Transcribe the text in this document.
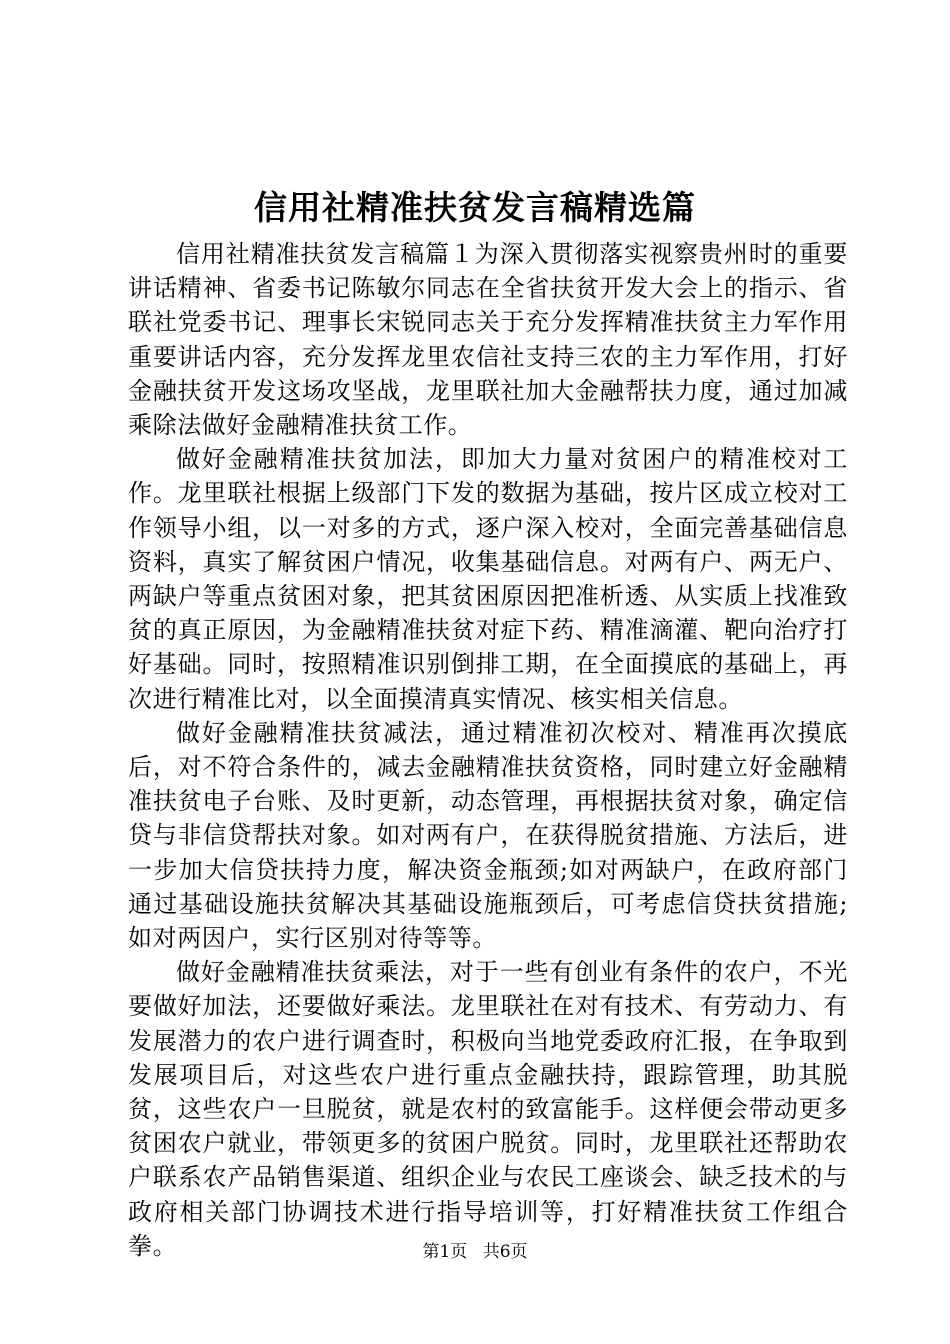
信用社精准扶贫发言稿精选篇

信用社精准扶贫发言稿篇１为深入贯彻落实视察贵州时的重要讲话精神、省委书记陈敏尔同志在全省扶贫开发大会上的指示、省联社党委书记、理事长宋锐同志关于充分发挥精准扶贫主力军作用重要讲话内容，充分发挥龙里农信社支持三农的主力军作用，打好金融扶贫开发这场攻坚战，龙里联社加大金融帮扶力度，通过加减乘除法做好金融精准扶贫工作。

做好金融精准扶贫加法，即加大力量对贫困户的精准校对工作。龙里联社根据上级部门下发的数据为基础，按片区成立校对工作领导小组，以一对多的方式，逐户深入校对，全面完善基础信息资料，真实了解贫困户情况，收集基础信息。对两有户、两无户、两缺户等重点贫困对象，把其贫困原因把准析透、从实质上找准致贫的真正原因，为金融精准扶贫对症下药、精准滴灌、靶向治疗打好基础。同时，按照精准识别倒排工期，在全面摸底的基础上，再次进行精准比对，以全面摸清真实情况、核实相关信息。

做好金融精准扶贫减法，通过精准初次校对、精准再次摸底后，对不符合条件的，减去金融精准扶贫资格，同时建立好金融精准扶贫电子台账、及时更新，动态管理，再根据扶贫对象，确定信贷与非信贷帮扶对象。如对两有户，在获得脱贫措施、方法后，进一步加大信贷扶持力度，解决资金瓶颈;如对两缺户，在政府部门通过基础设施扶贫解决其基础设施瓶颈后，可考虑信贷扶贫措施;如对两因户，实行区别对待等等。

做好金融精准扶贫乘法，对于一些有创业有条件的农户，不光要做好加法，还要做好乘法。龙里联社在对有技术、有劳动力、有发展潜力的农户进行调查时，积极向当地党委政府汇报，在争取到发展项目后，对这些农户进行重点金融扶持，跟踪管理，助其脱贫，这些农户一旦脱贫，就是农村的致富能手。这样便会带动更多贫困农户就业，带领更多的贫困户脱贫。同时，龙里联社还帮助农户联系农产品销售渠道、组织企业与农民工座谈会、缺乏技术的与政府相关部门协调技术进行指导培训等，打好精准扶贫工作组合拳。	第1页 共6页
